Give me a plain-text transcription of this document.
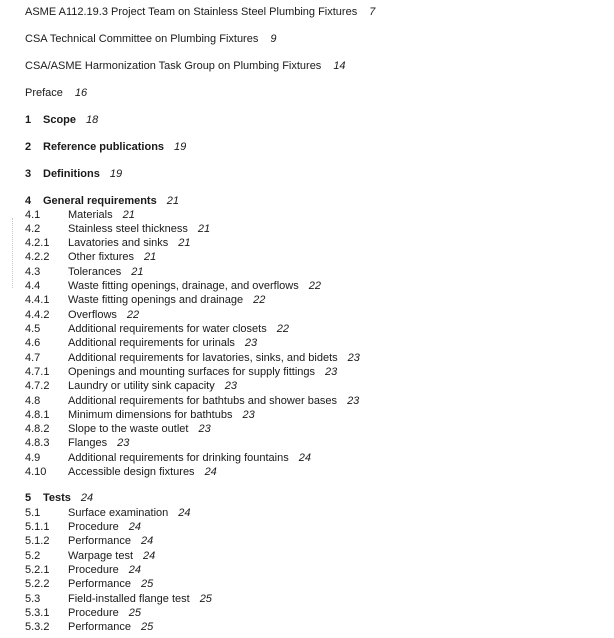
ASME A112.19.3 Project Team on Stainless Steel Plumbing Fixtures 7
CSA Technical Committee on Plumbing Fixtures 9
CSA/ASME Harmonization Task Group on Plumbing Fixtures 14
Preface 16
1 Scope 18
2 Reference publications 19
3 Definitions 19
4 General requirements 21
4.1	Materials 21
4.2	Stainless steel thickness 21
4.2.1 Lavatories and sinks 21
4.2.2 Other fixtures 21
4.3	Tolerances 21
4.4	Waste fitting openings, drainage, and overflows 22
4.4.1 Waste fitting openings and drainage 22
4.4.2 Overflows 22
4.5	Additional requirements for water closets 22
4.6	Additional requirements for urinals 23
4.7	Additional requirements for lavatories, sinks, and bidets 23
4.7.1 Openings and mounting surfaces for supply fittings 23
4.7.2 Laundry or utility sink capacity 23
4.8	Additional requirements for bathtubs and shower bases 23
4.8.1 Minimum dimensions for bathtubs 23
4.8.2 Slope to the waste outlet 23
4.8.3 Flanges 23
4.9	Additional requirements for drinking fountains 24
4.10 Accessible design fixtures 24
5 Tests 24
5.1	Surface examination 24
5.1.1 Procedure 24
5.1.2 Performance 24
5.2	Warpage test 24
5.2.1 Procedure 24
5.2.2 Performance 25
5.3	Field-installed flange test 25
5.3.1 Procedure 25
5.3.2 Performance 25
